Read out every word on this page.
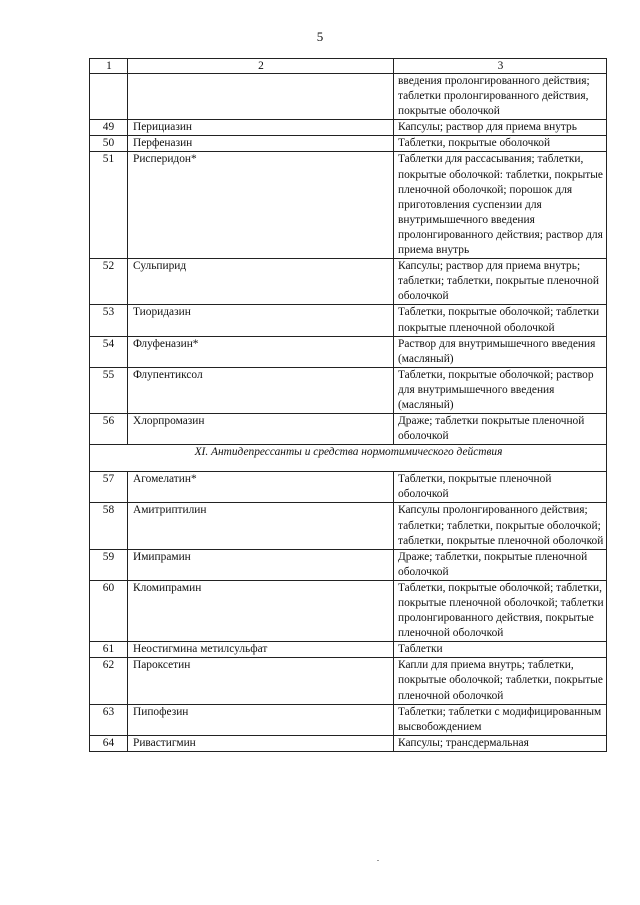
5
1	2	3
		введения пролонгированного действия; таблетки пролонгированного действия, покрытые оболочкой
49	Перициазин	Капсулы; раствор для приема внутрь
50	Перфеназин	Таблетки, покрытые оболочкой
51	Рисперидон*	Таблетки для рассасывания; таблетки, покрытые оболочкой: таблетки, покрытые пленочной оболочкой; порошок для приготовления суспензии для внутримышечного введения пролонгированного действия; раствор для приема внутрь
52	Сульпирид	Капсулы; раствор для приема внутрь; таблетки; таблетки, покрытые пленочной оболочкой
53	Тиоридазин	Таблетки, покрытые оболочкой; таблетки покрытые пленочной оболочкой
54	Флуфеназин*	Раствор для внутримышечного введения (масляный)
55	Флупентиксол	Таблетки, покрытые оболочкой; раствор для внутримышечного введения (масляный)
56	Хлорпромазин	Драже; таблетки покрытые пленочной оболочкой
XI. Антидепрессанты и средства нормотимического действия		
57	Агомелатин*	Таблетки, покрытые пленочной оболочкой
58	Амитриптилин	Капсулы пролонгированного действия; таблетки; таблетки, покрытые оболочкой; таблетки, покрытые пленочной оболочкой
59	Имипрамин	Драже; таблетки, покрытые пленочной оболочкой
60	Кломипрамин	Таблетки, покрытые оболочкой; таблетки, покрытые пленочной оболочкой; таблетки пролонгированного действия, покрытые пленочной оболочкой
61	Неостигмина метилсульфат	Таблетки
62	Пароксетин	Капли для приема внутрь; таблетки, покрытые оболочкой; таблетки, покрытые пленочной оболочкой
63	Пипофезин	Таблетки; таблетки с модифицированным высвобождением
64	Ривастигмин	Капсулы; трансдермальная
